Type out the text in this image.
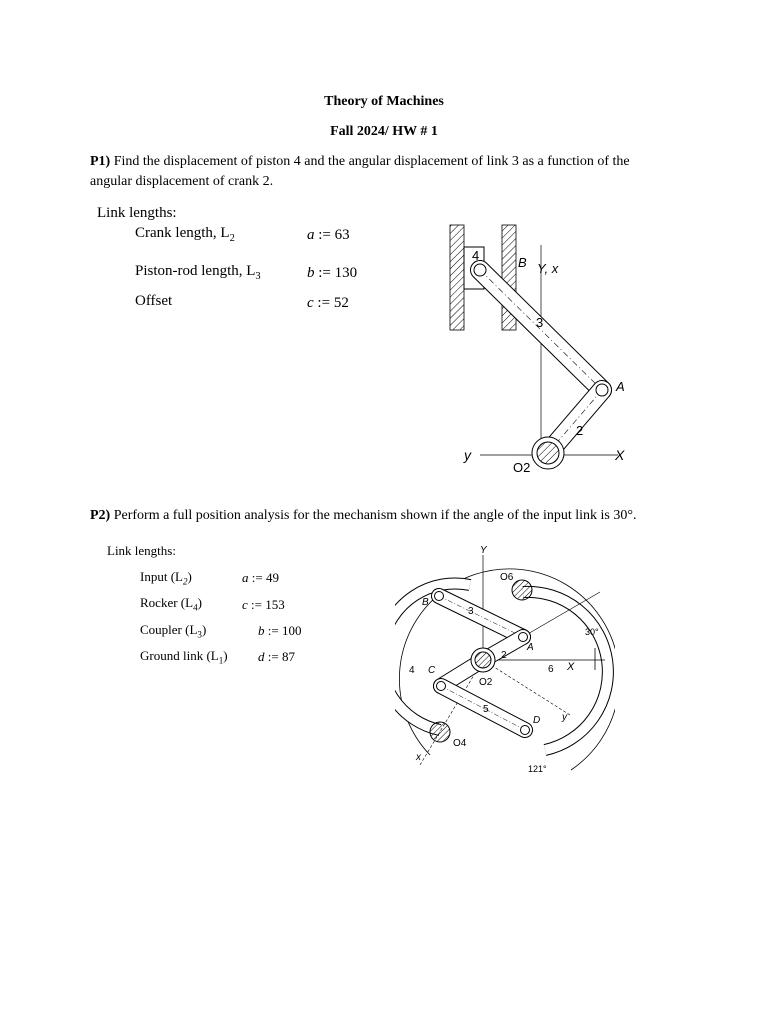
Theory of Machines
Fall 2024/ HW # 1
P1) Find the displacement of piston 4 and the angular displacement of link 3 as a function of the
angular displacement of crank 2.
Link lengths:
Crank length, $L_2$	a := 63
Piston-rod length, $L_3$	b := 130
Offset	c := 52
4	B Y, x
3
A
2
y	X
O2
P2) Perform a full position analysis for the mechanism shown if the angle of the input link is 30°.
Link lengths:
Input $(L_2)$	a := 49
Rocker $(L_4)$	c := 153
Coupler $(L_3)$	b := 100
Ground link $(L_1)$ d := 87
Y
O6
B
3
A
30°
2
4 C
O2
6 X
5
D y
O4
x
121°
